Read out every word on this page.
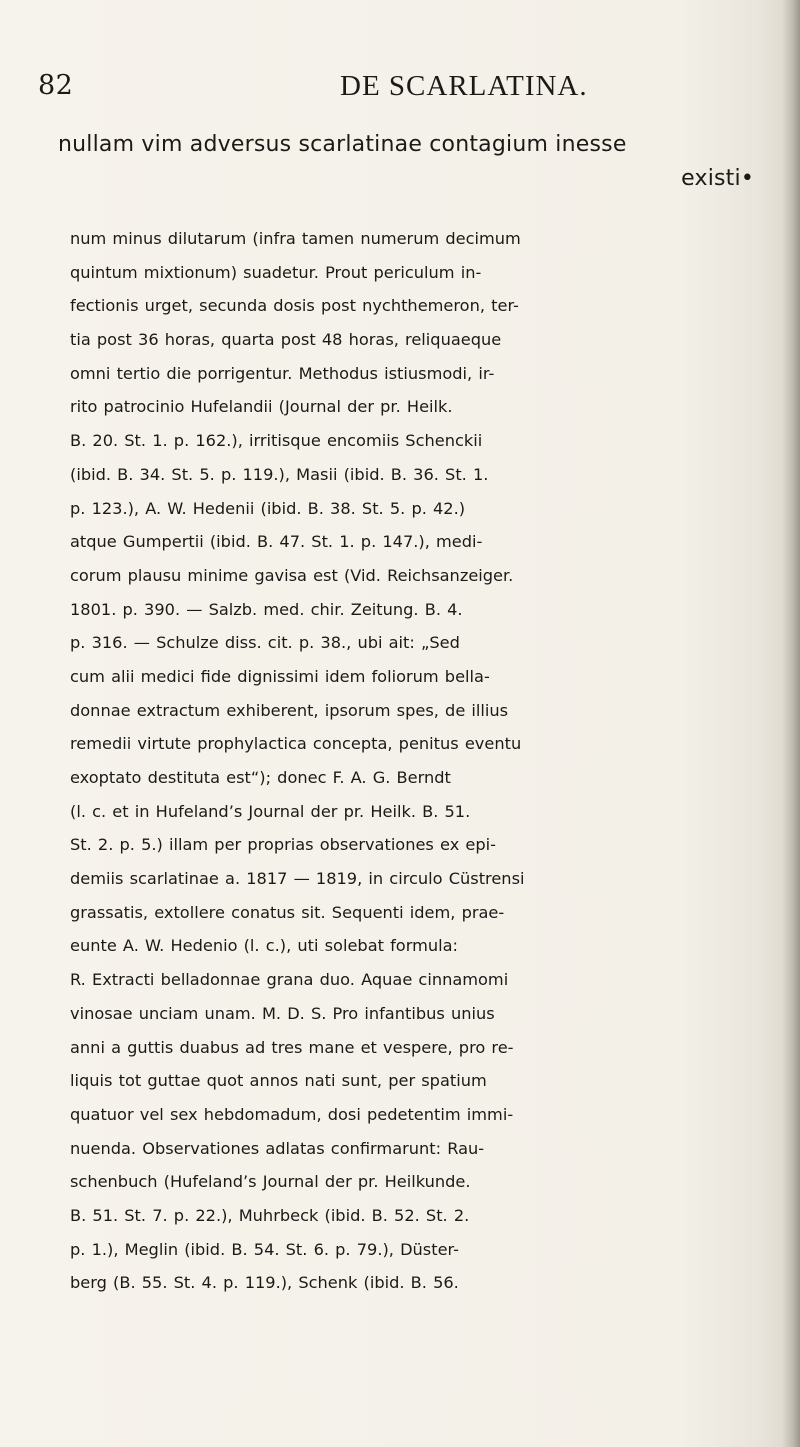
82	DE SCARLATINA.
nullam vim adversus scarlatinae contagium inesse
existi•
num minus dilutarum (infra tamen numerum decimum
quintum mixtionum) suadetur. Prout periculum in-
fectionis urget, secunda dosis post nychthemeron, ter-
tia post 36 horas, quarta post 48 horas, reliquaeque
omni tertio die porrigentur. Methodus istiusmodi, ir-
rito patrocinio Hufelandii (Journal der pr. Heilk.
B. 20. St. 1. p. 162.), irritisque encomiis Schenckii
(ibid. B. 34. St. 5. p. 119.), Masii (ibid. B. 36. St. 1.
p. 123.), A. W. Hedenii (ibid. B. 38. St. 5. p. 42.)
atque Gumpertii (ibid. B. 47. St. 1. p. 147.), medi-
corum plausu minime gavisa est (Vid. Reichsanzeiger.
1801. p. 390. — Salzb. med. chir. Zeitung. B. 4.
p. 316. — Schulze diss. cit. p. 38., ubi ait: „Sed
cum alii medici fide dignissimi idem foliorum bella-
donnae extractum exhiberent, ipsorum spes, de illius
remedii virtute prophylactica concepta, penitus eventu
exoptato destituta est“); donec F. A. G. Berndt
(l. c. et in Hufeland’s Journal der pr. Heilk. B. 51.
St. 2. p. 5.) illam per proprias observationes ex epi-
demiis scarlatinae a. 1817 — 1819, in circulo Cüstrensi
grassatis, extollere conatus sit. Sequenti idem, prae-
eunte A. W. Hedenio (l. c.), uti solebat formula:
R. Extracti belladonnae grana duo. Aquae cinnamomi
vinosae unciam unam. M. D. S. Pro infantibus unius
anni a guttis duabus ad tres mane et vespere, pro re-
liquis tot guttae quot annos nati sunt, per spatium
quatuor vel sex hebdomadum, dosi pedetentim immi-
nuenda. Observationes adlatas confirmarunt: Rau-
schenbuch (Hufeland’s Journal der pr. Heilkunde.
B. 51. St. 7. p. 22.), Muhrbeck (ibid. B. 52. St. 2.
p. 1.), Meglin (ibid. B. 54. St. 6. p. 79.), Düster-
berg (B. 55. St. 4. p. 119.), Schenk (ibid. B. 56.
